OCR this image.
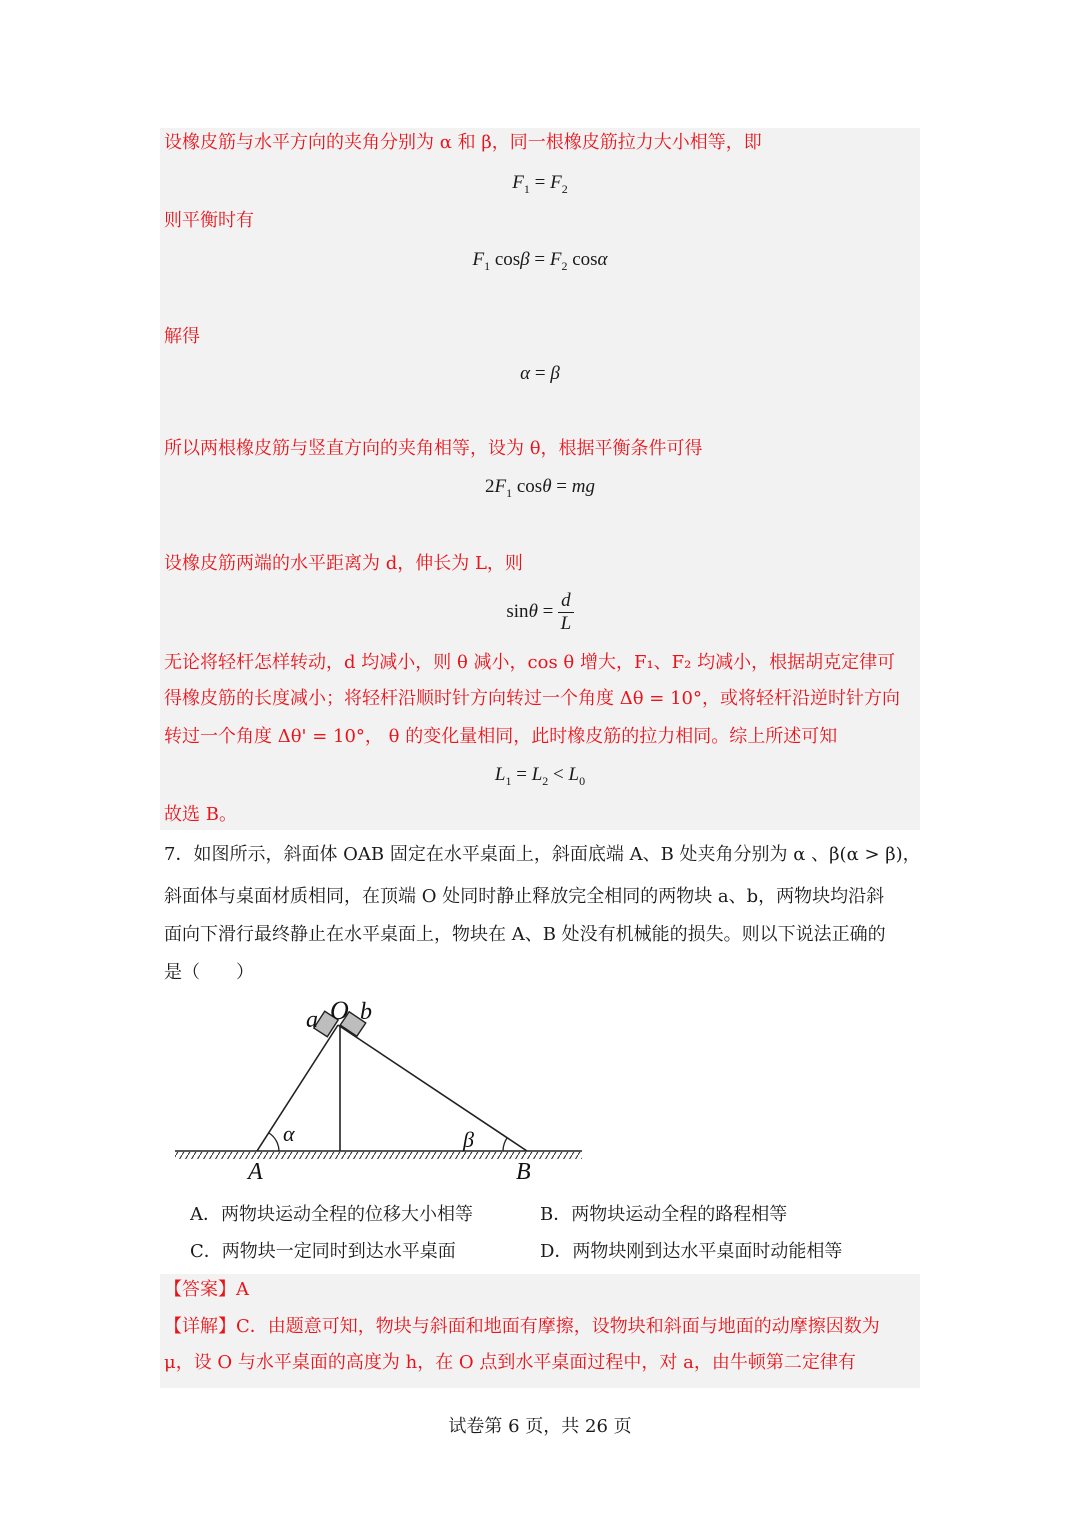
设橡皮筋与水平方向的夹角分别为 α 和 β，同一根橡皮筋拉力大小相等，即
$F_1 = F_2$
则平衡时有
$F_1$ $\cos\beta = F_2$ cosα
解得
α = β
所以两根橡皮筋与竖直方向的夹角相等，设为 θ，根据平衡条件可得
$2F_1$ cosθ = mg
设橡皮筋两端的水平距离为 d，伸长为 L，则
$\sin\theta = \frac{d}{L}$
无论将轻杆怎样转动，d 均减小，则 θ 减小，cos θ 增大，F₁、F₂ 均减小，根据胡克定律可
得橡皮筋的长度减小；将轻杆沿顺时针方向转过一个角度 Δθ = 10°，或将轻杆沿逆时针方向
转过一个角度 Δθ' = 10°， θ 的变化量相同，此时橡皮筋的拉力相同。综上所述可知
$L_1 = L_2 < L_0$
故选 B。
7．如图所示，斜面体 OAB 固定在水平桌面上，斜面底端 A、B 处夹角分别为 α 、β(α > β)，
斜面体与桌面材质相同，在顶端 O 处同时静止释放完全相同的两物块 a、b，两物块均沿斜
面向下滑行最终静止在水平桌面上，物块在 A、B 处没有机械能的损失。则以下说法正确的
是（　　）
O
a b
α	β
A	B
A．两物块运动全程的位移大小相等	B．两物块运动全程的路程相等
C．两物块一定同时到达水平桌面	D．两物块刚到达水平桌面时动能相等
【答案】A
【详解】C．由题意可知，物块与斜面和地面有摩擦，设物块和斜面与地面的动摩擦因数为
μ，设 O 与水平桌面的高度为 h，在 O 点到水平桌面过程中，对 a，由牛顿第二定律有
试卷第 6 页，共 26 页
